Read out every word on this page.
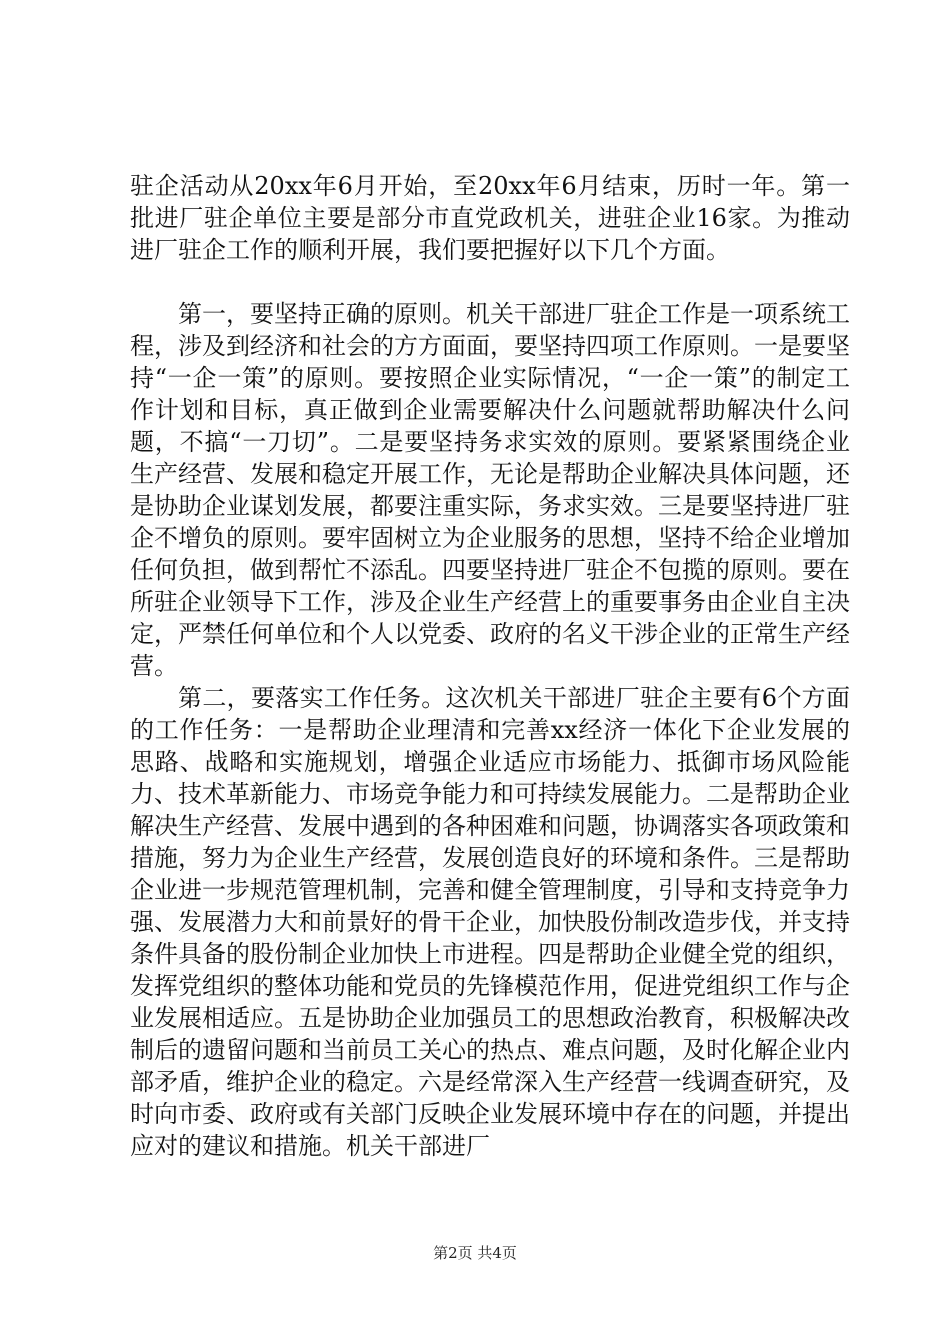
驻企活动从20xx年6月开始，至20xx年6月结束，历时一年。第一批进厂驻企单位主要是部分市直党政机关，进驻企业16家。为推动进厂驻企工作的顺利开展，我们要把握好以下几个方面。

第一，要坚持正确的原则。机关干部进厂驻企工作是一项系统工程，涉及到经济和社会的方方面面，要坚持四项工作原则。一是要坚持“一企一策”的原则。要按照企业实际情况，“一企一策”的制定工作计划和目标，真正做到企业需要解决什么问题就帮助解决什么问题，不搞“一刀切”。二是要坚持务求实效的原则。要紧紧围绕企业生产经营、发展和稳定开展工作，无论是帮助企业解决具体问题，还是协助企业谋划发展，都要注重实际，务求实效。三是要坚持进厂驻企不增负的原则。要牢固树立为企业服务的思想，坚持不给企业增加任何负担，做到帮忙不添乱。四要坚持进厂驻企不包揽的原则。要在所驻企业领导下工作，涉及企业生产经营上的重要事务由企业自主决定，严禁任何单位和个人以党委、政府的名义干涉企业的正常生产经营。

第二，要落实工作任务。这次机关干部进厂驻企主要有6个方面的工作任务：一是帮助企业理清和完善xx经济一体化下企业发展的思路、战略和实施规划，增强企业适应市场能力、抵御市场风险能力、技术革新能力、市场竞争能力和可持续发展能力。二是帮助企业解决生产经营、发展中遇到的各种困难和问题，协调落实各项政策和措施，努力为企业生产经营，发展创造良好的环境和条件。三是帮助企业进一步规范管理机制，完善和健全管理制度，引导和支持竞争力强、发展潜力大和前景好的骨干企业，加快股份制改造步伐，并支持条件具备的股份制企业加快上市进程。四是帮助企业健全党的组织，发挥党组织的整体功能和党员的先锋模范作用，促进党组织工作与企业发展相适应。五是协助企业加强员工的思想政治教育，积极解决改制后的遗留问题和当前员工关心的热点、难点问题，及时化解企业内部矛盾，维护企业的稳定。六是经常深入生产经营一线调查研究，及时向市委、政府或有关部门反映企业发展环境中存在的问题，并提出应对的建议和措施。机关干部进厂

第2页 共4页
